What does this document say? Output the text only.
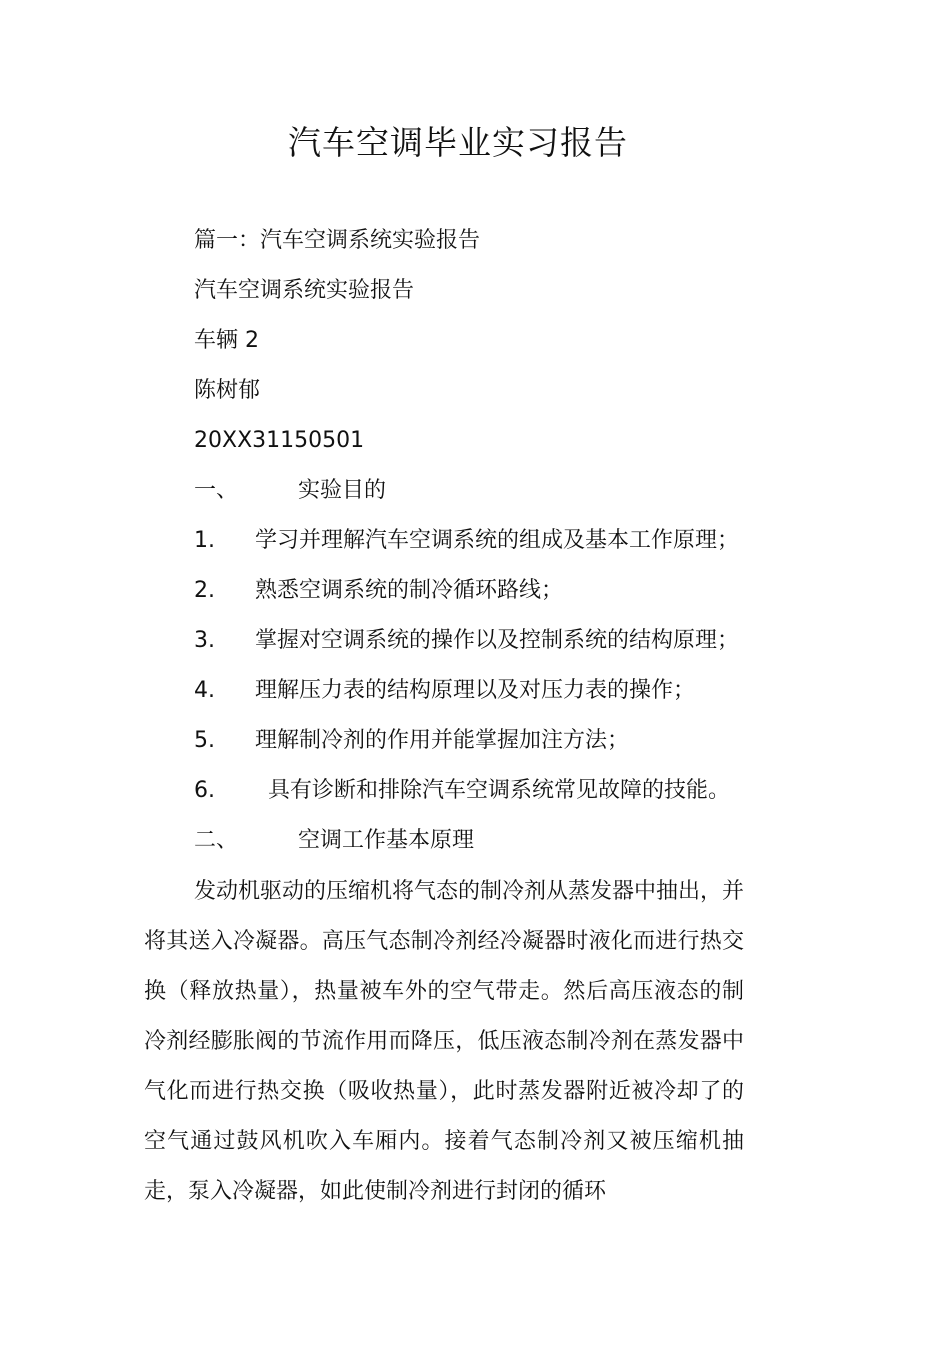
汽车空调毕业实习报告
篇一：汽车空调系统实验报告
汽车空调系统实验报告
车辆 2
陈树郁
20XX31150501
一、	实验目的
1. 学习并理解汽车空调系统的组成及基本工作原理；
2. 熟悉空调系统的制冷循环路线；
3. 掌握对空调系统的操作以及控制系统的结构原理；
4. 理解压力表的结构原理以及对压力表的操作；
5. 理解制冷剂的作用并能掌握加注方法；
6. 具有诊断和排除汽车空调系统常见故障的技能。
二、	空调工作基本原理

发动机驱动的压缩机将气态的制冷剂从蒸发器中抽出，并将其送入冷凝器。高压气态制冷剂经冷凝器时液化而进行热交换（释放热量），热量被车外的空气带走。然后高压液态的制冷剂经膨胀阀的节流作用而降压，低压液态制冷剂在蒸发器中气化而进行热交换（吸收热量），此时蒸发器附近被冷却了的空气通过鼓风机吹入车厢内。接着气态制冷剂又被压缩机抽走，泵入冷凝器，如此使制冷剂进行封闭的循环
